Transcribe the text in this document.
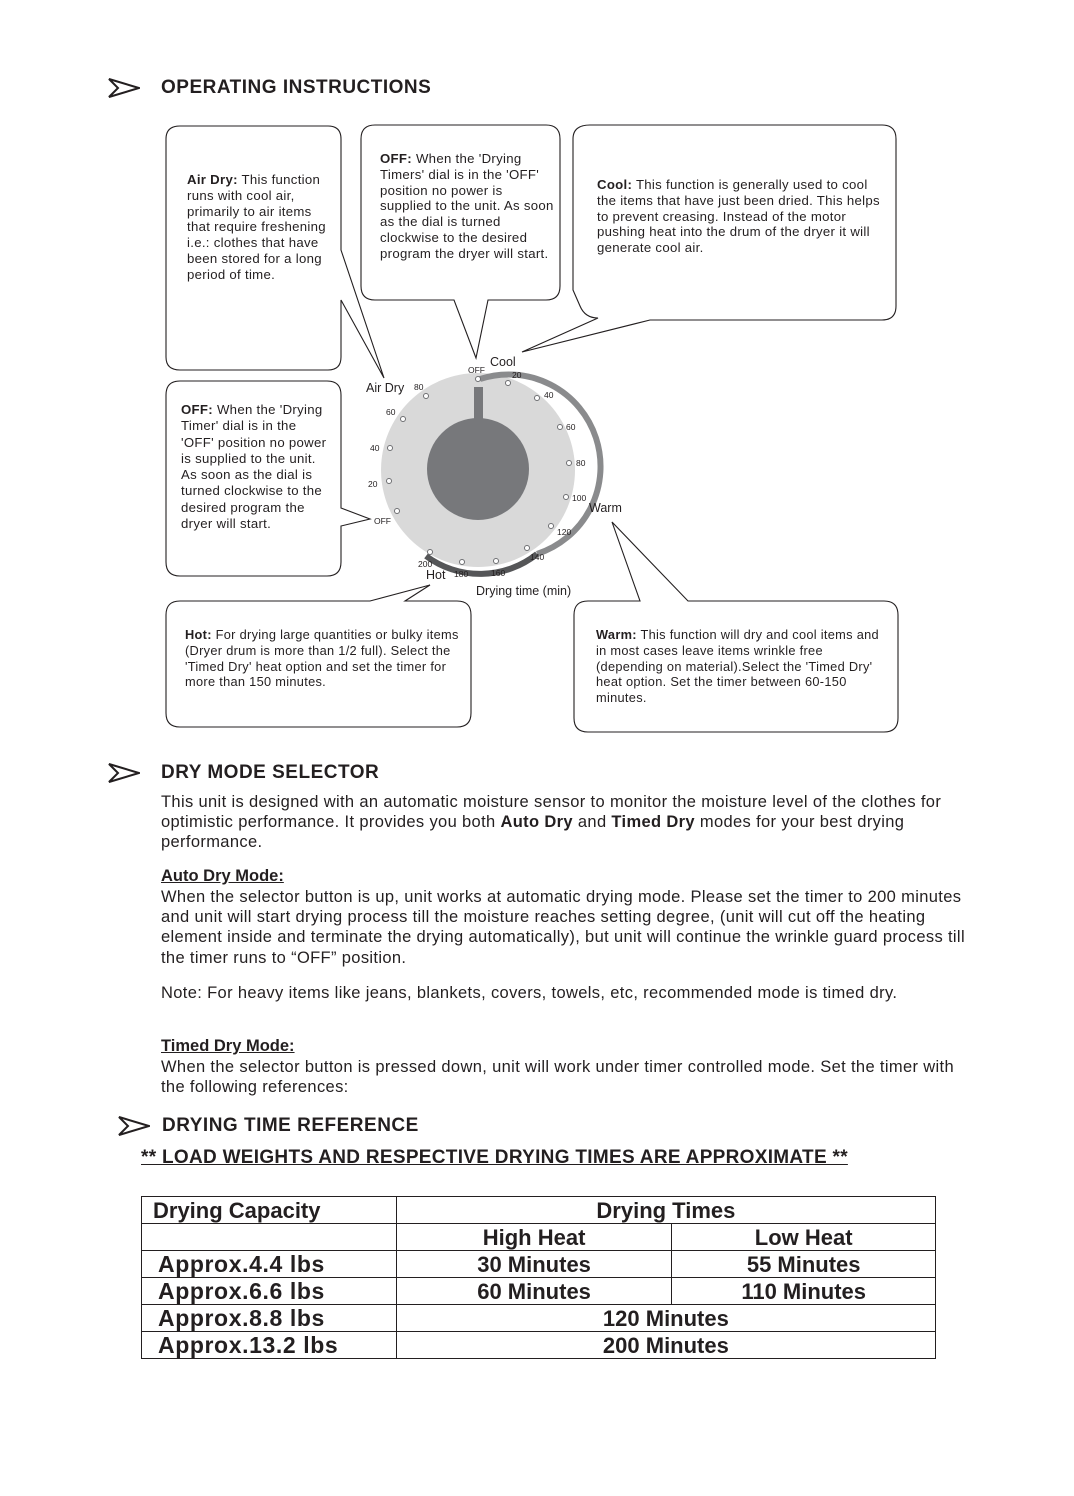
OPERATING INSTRUCTIONS
Air Dry: This function runs with cool air, primarily to air items that require freshening i.e.: clothes that have been stored for a long period of time.
OFF: When the 'Drying Timers' dial is in the 'OFF' position no power is supplied to the unit. As soon as the dial is turned clockwise to the desired program the dryer will start.
Cool: This function is generally used to cool the items that have just been dried. This helps to prevent creasing. Instead of the motor pushing heat into the drum of the dryer it will generate cool air.
OFF: When the 'Drying Timer' dial is in the 'OFF' position no power is supplied to the unit. As soon as the dial is turned clockwise to the desired program the dryer will start.
Hot: For drying large quantities or bulky items (Dryer drum is more than 1/2 full). Select the 'Timed Dry' heat option and set the timer for more than 150 minutes.
Warm: This function will dry and cool items and in most cases leave items wrinkle free (depending on material).Select the 'Timed Dry' heat option. Set the timer between 60-150 minutes.
Cool
Air Dry
Warm
Hot
Drying time (min)
OFF
OFF
80
60
40
20
20
40
60
80
100
120
140
160
180
200
DRY MODE SELECTOR
This unit is designed with an automatic moisture sensor to monitor the moisture level of the clothes for optimistic performance. It provides you both Auto Dry and Timed Dry modes for your best drying performance.
Auto Dry Mode:
When the selector button is up, unit works at automatic drying mode. Please set the timer to 200 minutes and unit will start drying process till the moisture reaches setting degree, (unit will cut off the heating element inside and terminate the drying automatically), but unit will continue the wrinkle guard process till the timer runs to “OFF” position.
Note: For heavy items like jeans, blankets, covers, towels, etc, recommended mode is timed dry.
Timed Dry Mode:
When the selector button is pressed down, unit will work under timer controlled mode. Set the timer with the following references:
DRYING TIME REFERENCE
** LOAD WEIGHTS AND RESPECTIVE DRYING TIMES ARE APPROXIMATE **
Drying Capacity	Drying Times	
	High Heat	Low Heat
Approx.4.4 lbs	30 Minutes	55 Minutes
Approx.6.6 lbs	60 Minutes	110 Minutes
Approx.8.8 lbs	120 Minutes	
Approx.13.2 lbs	200 Minutes	
